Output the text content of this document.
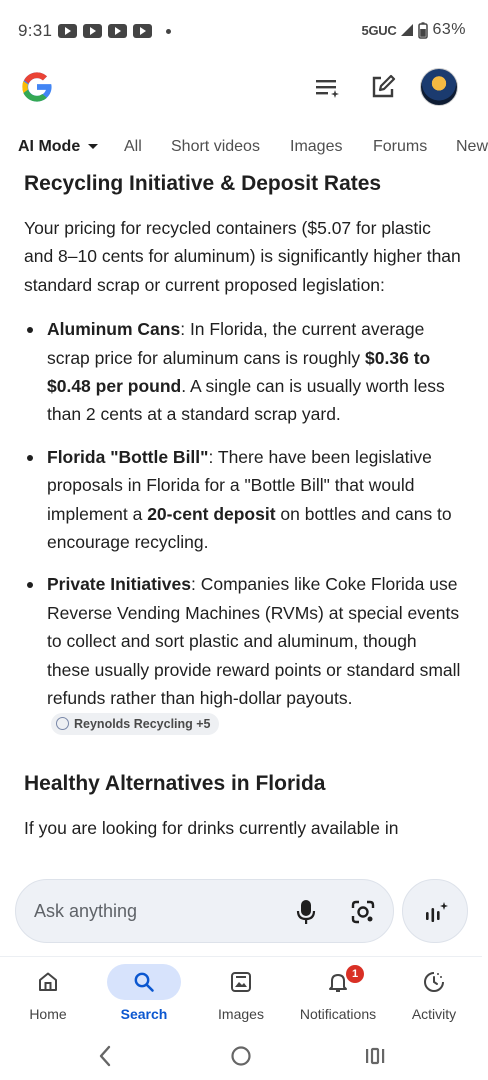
9:31	5GUC 63%
AI Mode	All Short videos Images Forums New
Recycling Initiative & Deposit Rates

Your pricing for recycled containers ($5.07 for plastic and 8–10 cents for aluminum) is significantly higher than standard scrap or current proposed legislation:

Aluminum Cans: In Florida, the current average scrap price for aluminum cans is roughly $0.36 to $0.48 per pound. A single can is usually worth less than 2 cents at a standard scrap yard.
Florida "Bottle Bill": There have been legislative proposals in Florida for a "Bottle Bill" that would implement a 20-cent deposit on bottles and cans to encourage recycling.
Private Initiatives: Companies like Coke Florida use Reverse Vending Machines (RVMs) at special events to collect and sort plastic and aluminum, though these usually provide reward points or standard small refunds rather than high-dollar payouts.
Reynolds Recycling +5
Healthy Alternatives in Florida

If you are looking for drinks currently available in

Ask anything
Home	Search	Images
1
Notifications	Activity
